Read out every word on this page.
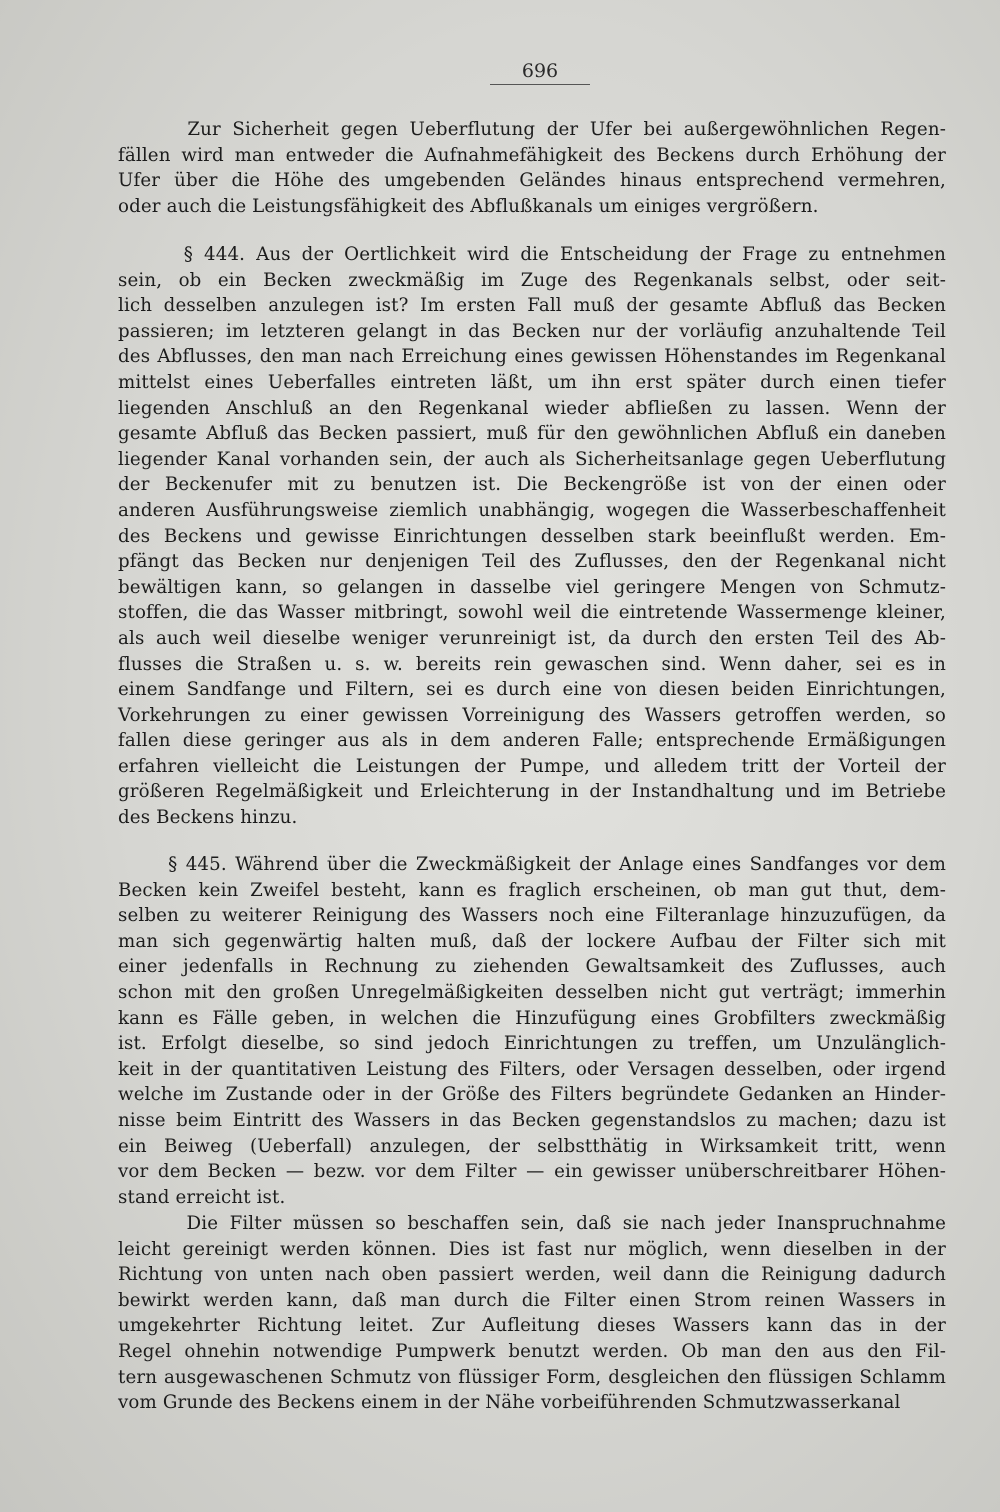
696
Zur Sicherheit gegen Ueberflutung der Ufer bei außergewöhnlichen Regen-
fällen wird man entweder die Aufnahmefähigkeit des Beckens durch Erhöhung der
Ufer über die Höhe des umgebenden Geländes hinaus entsprechend vermehren,
oder auch die Leistungsfähigkeit des Abflußkanals um einiges vergrößern.
§ 444. Aus der Oertlichkeit wird die Entscheidung der Frage zu entnehmen
sein, ob ein Becken zweckmäßig im Zuge des Regenkanals selbst, oder seit-
lich desselben anzulegen ist? Im ersten Fall muß der gesamte Abfluß das Becken
passieren; im letzteren gelangt in das Becken nur der vorläufig anzuhaltende Teil
des Abflusses, den man nach Erreichung eines gewissen Höhenstandes im Regenkanal
mittelst eines Ueberfalles eintreten läßt, um ihn erst später durch einen tiefer
liegenden Anschluß an den Regenkanal wieder abfließen zu lassen. Wenn der
gesamte Abfluß das Becken passiert, muß für den gewöhnlichen Abfluß ein daneben
liegender Kanal vorhanden sein, der auch als Sicherheitsanlage gegen Ueberflutung
der Beckenufer mit zu benutzen ist. Die Beckengröße ist von der einen oder
anderen Ausführungsweise ziemlich unabhängig, wogegen die Wasserbeschaffenheit
des Beckens und gewisse Einrichtungen desselben stark beeinflußt werden. Em-
pfängt das Becken nur denjenigen Teil des Zuflusses, den der Regenkanal nicht
bewältigen kann, so gelangen in dasselbe viel geringere Mengen von Schmutz-
stoffen, die das Wasser mitbringt, sowohl weil die eintretende Wassermenge kleiner,
als auch weil dieselbe weniger verunreinigt ist, da durch den ersten Teil des Ab-
flusses die Straßen u. s. w. bereits rein gewaschen sind. Wenn daher, sei es in
einem Sandfange und Filtern, sei es durch eine von diesen beiden Einrichtungen,
Vorkehrungen zu einer gewissen Vorreinigung des Wassers getroffen werden, so
fallen diese geringer aus als in dem anderen Falle; entsprechende Ermäßigungen
erfahren vielleicht die Leistungen der Pumpe, und alledem tritt der Vorteil der
größeren Regelmäßigkeit und Erleichterung in der Instandhaltung und im Betriebe
des Beckens hinzu.
§ 445. Während über die Zweckmäßigkeit der Anlage eines Sandfanges vor dem
Becken kein Zweifel besteht, kann es fraglich erscheinen, ob man gut thut, dem-
selben zu weiterer Reinigung des Wassers noch eine Filteranlage hinzuzufügen, da
man sich gegenwärtig halten muß, daß der lockere Aufbau der Filter sich mit
einer jedenfalls in Rechnung zu ziehenden Gewaltsamkeit des Zuflusses, auch
schon mit den großen Unregelmäßigkeiten desselben nicht gut verträgt; immerhin
kann es Fälle geben, in welchen die Hinzufügung eines Grobfilters zweckmäßig
ist. Erfolgt dieselbe, so sind jedoch Einrichtungen zu treffen, um Unzulänglich-
keit in der quantitativen Leistung des Filters, oder Versagen desselben, oder irgend
welche im Zustande oder in der Größe des Filters begründete Gedanken an Hinder-
nisse beim Eintritt des Wassers in das Becken gegenstandslos zu machen; dazu ist
ein Beiweg (Ueberfall) anzulegen, der selbstthätig in Wirksamkeit tritt, wenn
vor dem Becken — bezw. vor dem Filter — ein gewisser unüberschreitbarer Höhen-
stand erreicht ist.
Die Filter müssen so beschaffen sein, daß sie nach jeder Inanspruchnahme
leicht gereinigt werden können. Dies ist fast nur möglich, wenn dieselben in der
Richtung von unten nach oben passiert werden, weil dann die Reinigung dadurch
bewirkt werden kann, daß man durch die Filter einen Strom reinen Wassers in
umgekehrter Richtung leitet. Zur Aufleitung dieses Wassers kann das in der
Regel ohnehin notwendige Pumpwerk benutzt werden. Ob man den aus den Fil-
tern ausgewaschenen Schmutz von flüssiger Form, desgleichen den flüssigen Schlamm
vom Grunde des Beckens einem in der Nähe vorbeiführenden Schmutzwasserkanal
